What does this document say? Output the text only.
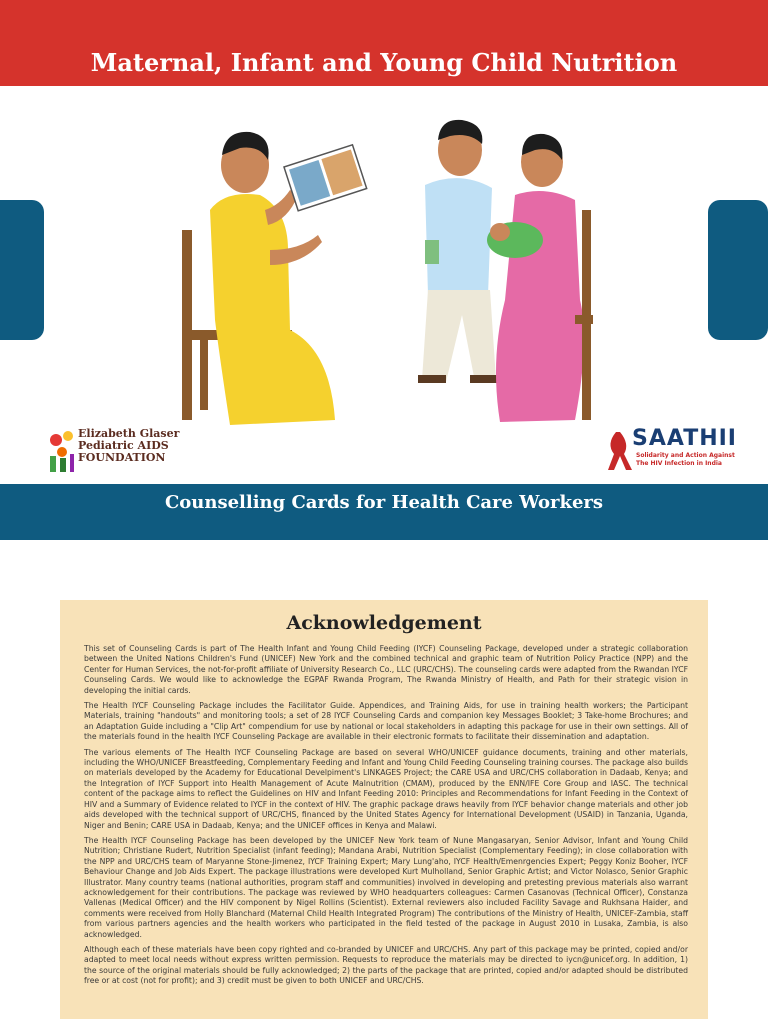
Maternal, Infant and Young Child Nutrition
Elizabeth Glaser
Pediatric AIDS
FOUNDATION
SAATHII
Solidarity and Action Against
The HIV Infection in India
Counselling Cards for Health Care Workers
Acknowledgement

This set of Counseling Cards is part of The Health Infant and Young Child Feeding (IYCF) Counseling Package, developed under a strategic collaboration between the United Nations Children's Fund (UNICEF) New York and the combined technical and graphic team of Nutrition Policy Practice (NPP) and the Center for Human Services, the not-for-profit affiliate of University Research Co., LLC (URC/CHS). The counseling cards were adapted from the Rwandan IYCF Counseling Cards. We would like to acknowledge the EGPAF Rwanda Program, The Rwanda Ministry of Health, and Path for their strategic vision in developing the initial cards.

The Health IYCF Counseling Package includes the Facilitator Guide. Appendices, and Training Aids, for use in training health workers; the Participant Materials, training "handouts" and monitoring tools; a set of 28 IYCF Counseling Cards and companion key Messages Booklet; 3 Take-home Brochures; and an Adaptation Guide including a "Clip Art" compendium for use by national or local stakeholders in adapting this package for use in their own settings. All of the materials found in the health IYCF Counseling Package are available in their electronic formats to facilitate their dissemination and adaptation.

The various elements of The Health IYCF Counseling Package are based on several WHO/UNICEF guidance documents, training and other materials, including the WHO/UNICEF Breastfeeding, Complementary Feeding and Infant and Young Child Feeding Counseling training courses. The package also builds on materials developed by the Academy for Educational Develpiment's LINKAGES Project; the CARE USA and URC/CHS collaboration in Dadaab, Kenya; and the Integration of IYCF Support into Health Management of Acute Malnutrition (CMAM), produced by the ENN/IFE Core Group and IASC. The technical content of the package aims to reflect the Guidelines on HIV and Infant Feeding 2010: Principles and Recommendations for Infant Feeding in the Context of HIV and a Summary of Evidence related to IYCF in the context of HIV. The graphic package draws heavily from IYCF behavior change materials and other job aids developed with the technical support of URC/CHS, financed by the United States Agency for International Development (USAID) in Tanzania, Uganda, Niger and Benin; CARE USA in Dadaab, Kenya; and the UNICEF offices in Kenya and Malawi.

The Health IYCF Counseling Package has been developed by the UNICEF New York team of Nune Mangasaryan, Senior Advisor, Infant and Young Child Nutrition; Christiane Rudert, Nutrition Specialist (infant feeding); Mandana Arabi, Nutrition Specialist (Complementary Feeding); in close collaboration with the NPP and URC/CHS team of Maryanne Stone-Jimenez, IYCF Training Expert; Mary Lung'aho, IYCF Health/Emenrgencies Expert; Peggy Koniz Booher, IYCF Behaviour Change and Job Aids Expert. The package illustrations were developed Kurt Mulholland, Senior Graphic Artist; and Victor Nolasco, Senior Graphic Illustrator. Many country teams (national authorities, program staff and communities) involved in developing and pretesting previous materials also warrant acknowledgement for their contributions. The package was reviewed by WHO headquarters colleagues: Carmen Casanovas (Technical Officer), Constanza Vallenas (Medical Officer) and the HIV component by Nigel Rollins (Scientist). External reviewers also included Facility Savage and Rukhsana Haider, and comments were received from Holly Blanchard (Maternal Child Health Integrated Program) The contributions of the Ministry of Health, UNICEF-Zambia, staff from various partners agencies and the health workers who participated in the field tested of the package in August 2010 in Lusaka, Zambia, is also acknowledged.

Although each of these materials have been copy righted and co-branded by UNICEF and URC/CHS. Any part of this package may be printed, copied and/or adapted to meet local needs without express written permission. Requests to reproduce the materials may be directed to iycn@unicef.org. In addition, 1) the source of the original materials should be fully acknowledged; 2) the parts of the package that are printed, copied and/or adapted should be distributed free or at cost (not for profit); and 3) credit must be given to both UNICEF and URC/CHS.
